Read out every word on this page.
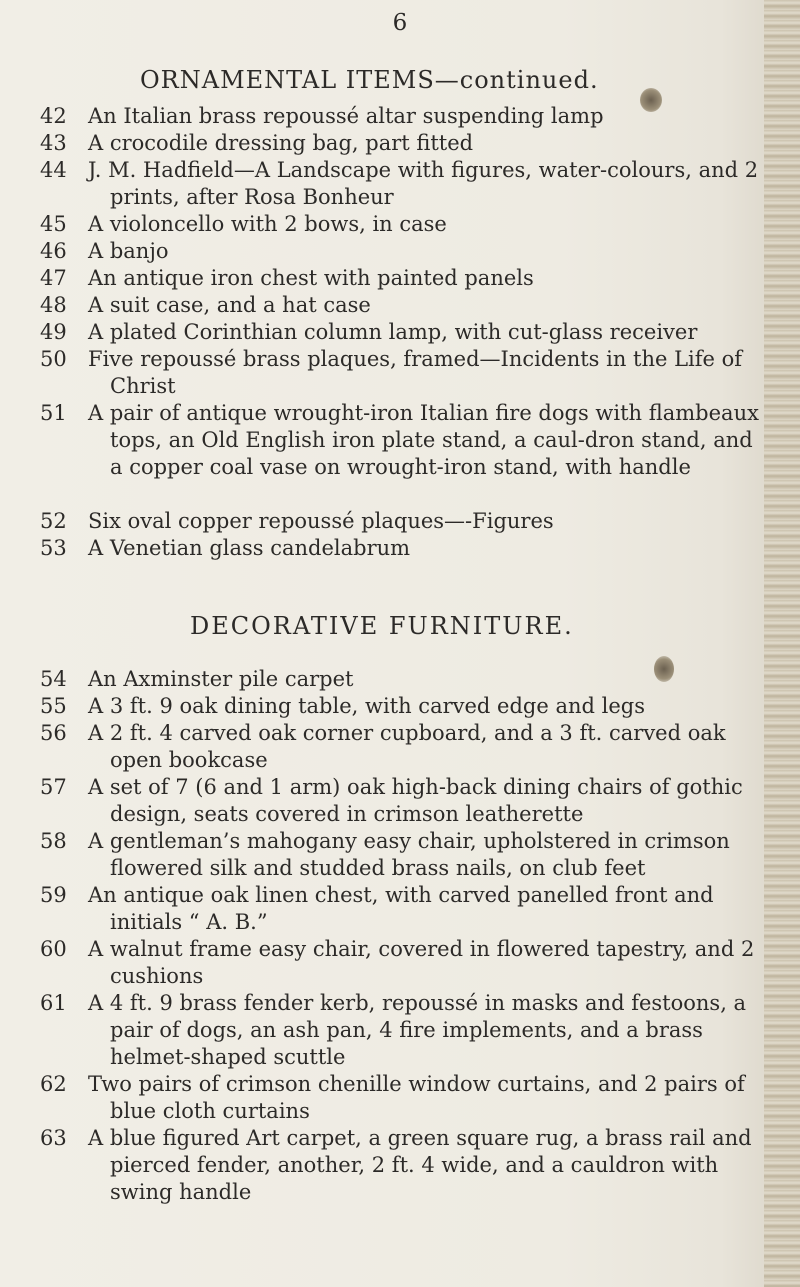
6
ORNAMENTAL ITEMS—continued.
42	An Italian brass repoussé altar suspending lamp
43	A crocodile dressing bag, part fitted
44	J. M. Hadfield—A Landscape with figures, water-colours, and 2 prints, after Rosa Bonheur
45	A violoncello with 2 bows, in case
46	A banjo
47	An antique iron chest with painted panels
48	A suit case, and a hat case
49	A plated Corinthian column lamp, with cut-glass receiver
50	Five repoussé brass plaques, framed—Incidents in the Life of Christ
51	A pair of antique wrought-iron Italian fire dogs with flambeaux tops, an Old English iron plate stand, a caul-dron stand, and a copper coal vase on wrought-iron stand, with handle
52	Six oval copper repoussé plaques—-Figures
53	A Venetian glass candelabrum
DECORATIVE FURNITURE.
54	An Axminster pile carpet
55	A 3 ft. 9 oak dining table, with carved edge and legs
56	A 2 ft. 4 carved oak corner cupboard, and a 3 ft. carved oak open bookcase
57	A set of 7 (6 and 1 arm) oak high-back dining chairs of gothic design, seats covered in crimson leatherette
58	A gentleman’s mahogany easy chair, upholstered in crimson flowered silk and studded brass nails, on club feet
59	An antique oak linen chest, with carved panelled front and initials “ A. B.”
60	A walnut frame easy chair, covered in flowered tapestry, and 2 cushions
61	A 4 ft. 9 brass fender kerb, repoussé in masks and festoons, a pair of dogs, an ash pan, 4 fire implements, and a brass helmet-shaped scuttle
62	Two pairs of crimson chenille window curtains, and 2 pairs of blue cloth curtains
63	A blue figured Art carpet, a green square rug, a brass rail and pierced fender, another, 2 ft. 4 wide, and a cauldron with swing handle
